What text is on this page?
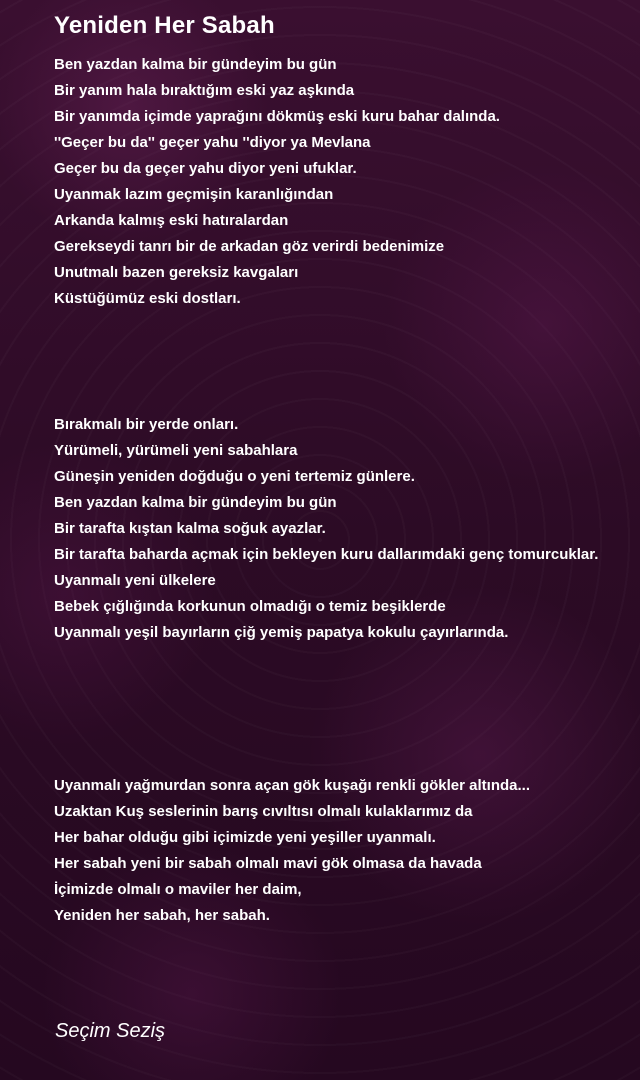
Yeniden Her Sabah
Ben yazdan kalma bir gündeyim bu gün
Bir yanım hala bıraktığım eski yaz aşkında
Bir yanımda içimde yaprağını dökmüş eski kuru bahar dalında.
''Geçer bu da'' geçer yahu ''diyor ya Mevlana
Geçer bu da geçer yahu diyor yeni ufuklar.
Uyanmak lazım geçmişin karanlığından
Arkanda kalmış eski hatıralardan
Gerekseydi tanrı bir de arkadan göz verirdi bedenimize
Unutmalı bazen gereksiz kavgaları
Küstüğümüz eski dostları.
Bırakmalı bir yerde onları.
Yürümeli, yürümeli yeni sabahlara
Güneşin yeniden doğduğu o yeni tertemiz günlere.
Ben yazdan kalma bir gündeyim bu gün
Bir tarafta kıştan kalma soğuk ayazlar.
Bir tarafta baharda açmak için bekleyen kuru dallarımdaki genç tomurcuklar.
Uyanmalı yeni ülkelere
Bebek çığlığında korkunun olmadığı o temiz beşiklerde
Uyanmalı yeşil bayırların çiğ yemiş papatya kokulu çayırlarında.
Uyanmalı yağmurdan sonra açan gök kuşağı renkli gökler altında...
Uzaktan Kuş seslerinin barış cıvıltısı olmalı kulaklarımız da
Her bahar olduğu gibi içimizde yeni yeşiller uyanmalı.
Her sabah yeni bir sabah olmalı mavi gök olmasa da havada
İçimizde olmalı o maviler her daim,
Yeniden her sabah, her sabah.
Seçim Seziş
